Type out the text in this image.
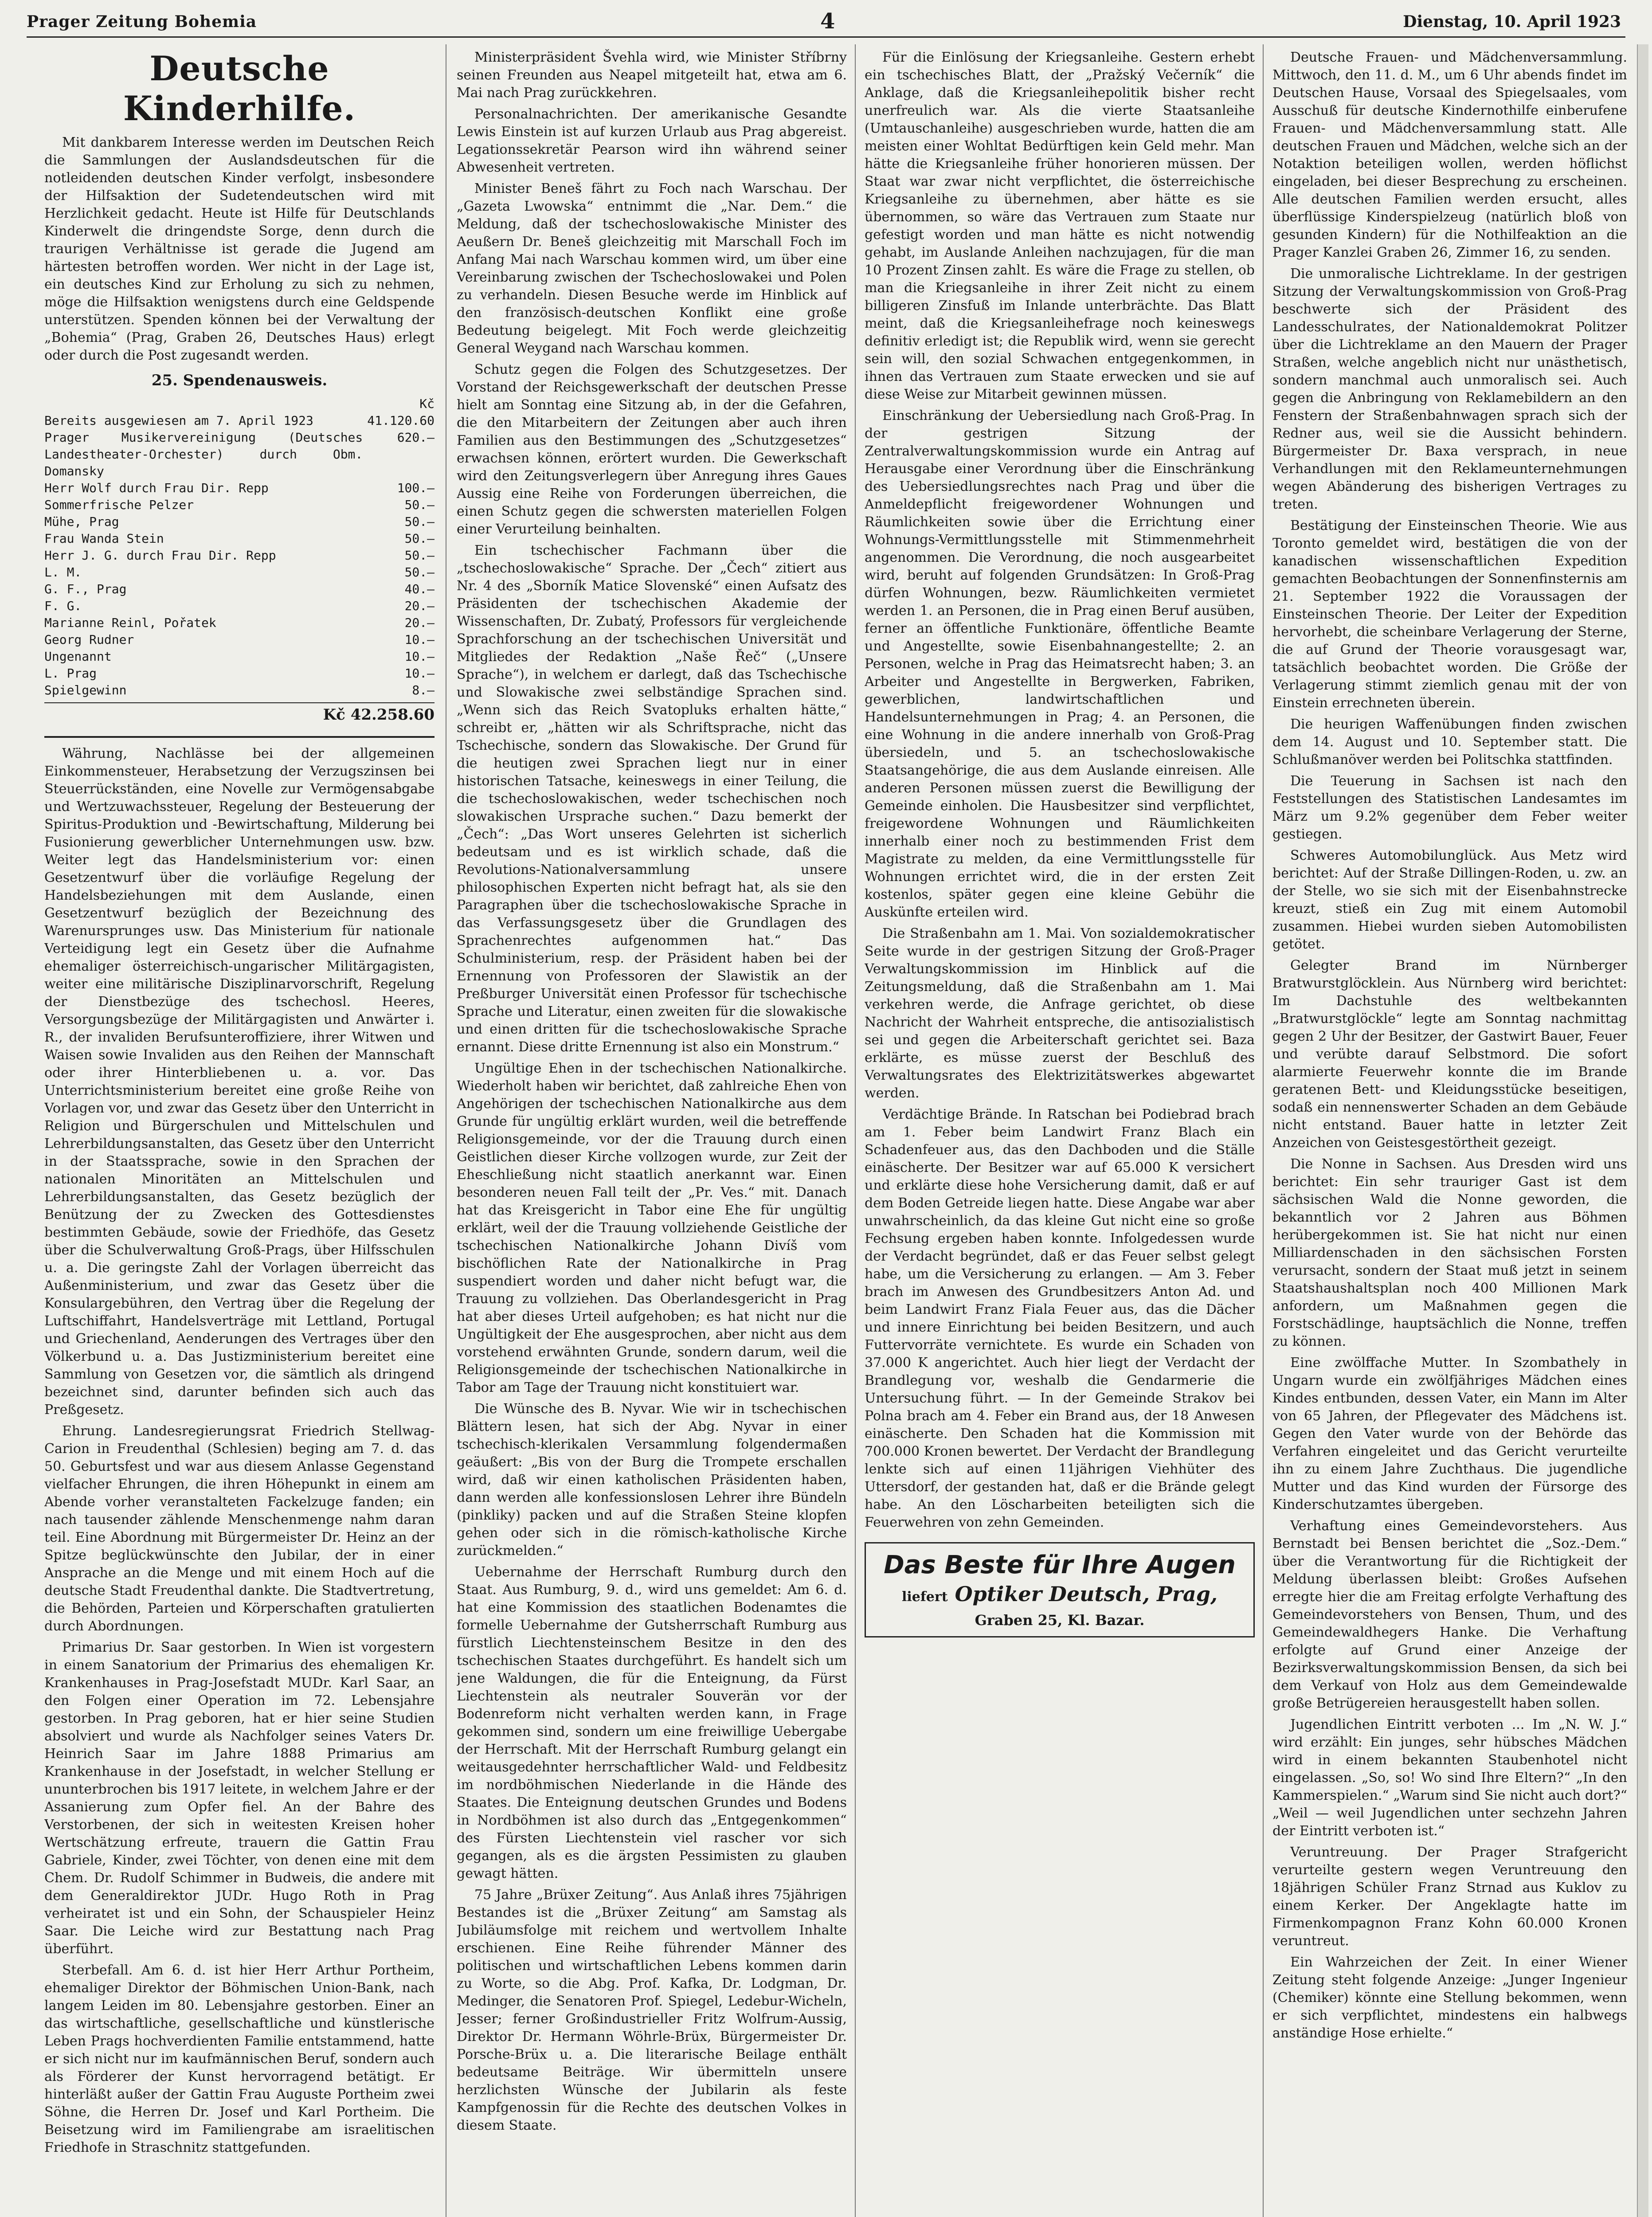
Prager Zeitung Bohemia	4	Dienstag, 10. April 1923
Deutsche Kinderhilfe.

Mit dankbarem Interesse werden im Deutschen Reich die Sammlungen der Auslandsdeutschen für die notleidenden deutschen Kinder verfolgt, insbesondere der Hilfsaktion der Sudetendeutschen wird mit Herzlichkeit gedacht. Heute ist Hilfe für Deutschlands Kinderwelt die dringendste Sorge, denn durch die traurigen Verhältnisse ist gerade die Jugend am härtesten betroffen worden. Wer nicht in der Lage ist, ein deutsches Kind zur Erholung zu sich zu nehmen, möge die Hilfsaktion wenigstens durch eine Geldspende unterstützen. Spenden können bei der Verwaltung der „Bohemia“ (Prag, Graben 26, Deutsches Haus) erlegt oder durch die Post zugesandt werden.

25. Spendenausweis.
	Kč
Bereits ausgewiesen am 7. April 1923	41.120.60
Prager Musikervereinigung (Deutsches Landestheater-Orchester) durch Obm. Domansky	620.—
Herr Wolf durch Frau Dir. Repp	100.—
Sommerfrische Pelzer	50.—
Mühe, Prag	50.—
Frau Wanda Stein	50.—
Herr J. G. durch Frau Dir. Repp	50.—
L. M.	50.—
G. F., Prag	40.—
F. G.	20.—
Marianne Reinl, Pořatek	20.—
Georg Rudner	10.—
Ungenannt	10.—
L. Prag	10.—
Spielgewinn	8.—
Kč 42.258.60

Währung, Nachlässe bei der allgemeinen Einkommensteuer, Herabsetzung der Verzugszinsen bei Steuerrückständen, eine Novelle zur Vermögensabgabe und Wertzuwachssteuer, Regelung der Besteuerung der Spiritus-Produktion und -Bewirtschaftung, Milderung bei Fusionierung gewerblicher Unternehmungen usw. bzw. Weiter legt das Handelsministerium vor: einen Gesetzentwurf über die vorläufige Regelung der Handelsbeziehungen mit dem Auslande, einen Gesetzentwurf bezüglich der Bezeichnung des Warenursprunges usw. Das Ministerium für nationale Verteidigung legt ein Gesetz über die Aufnahme ehemaliger österreichisch-ungarischer Militärgagisten, weiter eine militärische Disziplinarvorschrift, Regelung der Dienstbezüge des tschechosl. Heeres, Versorgungsbezüge der Militärgagisten und Anwärter i. R., der invaliden Berufsunteroffiziere, ihrer Witwen und Waisen sowie Invaliden aus den Reihen der Mannschaft oder ihrer Hinterbliebenen u. a. vor. Das Unterrichtsministerium bereitet eine große Reihe von Vorlagen vor, und zwar das Gesetz über den Unterricht in Religion und Bürgerschulen und Mittelschulen und Lehrerbildungsanstalten, das Gesetz über den Unterricht in der Staatssprache, sowie in den Sprachen der nationalen Minoritäten an Mittelschulen und Lehrerbildungsanstalten, das Gesetz bezüglich der Benützung der zu Zwecken des Gottesdienstes bestimmten Gebäude, sowie der Friedhöfe, das Gesetz über die Schulverwaltung Groß-Prags, über Hilfsschulen u. a. Die geringste Zahl der Vorlagen überreicht das Außenministerium, und zwar das Gesetz über die Konsulargebühren, den Vertrag über die Regelung der Luftschiffahrt, Handelsverträge mit Lettland, Portugal und Griechenland, Aenderungen des Vertrages über den Völkerbund u. a. Das Justizministerium bereitet eine Sammlung von Gesetzen vor, die sämtlich als dringend bezeichnet sind, darunter befinden sich auch das Preßgesetz.

Ehrung. Landesregierungsrat Friedrich Stellwag-Carion in Freudenthal (Schlesien) beging am 7. d. das 50. Geburtsfest und war aus diesem Anlasse Gegenstand vielfacher Ehrungen, die ihren Höhepunkt in einem am Abende vorher veranstalteten Fackelzuge fanden; ein nach tausender zählende Menschenmenge nahm daran teil. Eine Abordnung mit Bürgermeister Dr. Heinz an der Spitze beglückwünschte den Jubilar, der in einer Ansprache an die Menge und mit einem Hoch auf die deutsche Stadt Freudenthal dankte. Die Stadtvertretung, die Behörden, Parteien und Körperschaften gratulierten durch Abordnungen.

Primarius Dr. Saar gestorben. In Wien ist vorgestern in einem Sanatorium der Primarius des ehemaligen Kr. Krankenhauses in Prag-Josefstadt MUDr. Karl Saar, an den Folgen einer Operation im 72. Lebensjahre gestorben. In Prag geboren, hat er hier seine Studien absolviert und wurde als Nachfolger seines Vaters Dr. Heinrich Saar im Jahre 1888 Primarius am Krankenhause in der Josefstadt, in welcher Stellung er ununterbrochen bis 1917 leitete, in welchem Jahre er der Assanierung zum Opfer fiel. An der Bahre des Verstorbenen, der sich in weitesten Kreisen hoher Wertschätzung erfreute, trauern die Gattin Frau Gabriele, Kinder, zwei Töchter, von denen eine mit dem Chem. Dr. Rudolf Schimmer in Budweis, die andere mit dem Generaldirektor JUDr. Hugo Roth in Prag verheiratet ist und ein Sohn, der Schauspieler Heinz Saar. Die Leiche wird zur Bestattung nach Prag überführt.

Sterbefall. Am 6. d. ist hier Herr Arthur Portheim, ehemaliger Direktor der Böhmischen Union-Bank, nach langem Leiden im 80. Lebensjahre gestorben. Einer an das wirtschaftliche, gesellschaftliche und künstlerische Leben Prags hochverdienten Familie entstammend, hatte er sich nicht nur im kaufmännischen Beruf, sondern auch als Förderer der Kunst hervorragend betätigt. Er hinterläßt außer der Gattin Frau Auguste Portheim zwei Söhne, die Herren Dr. Josef und Karl Portheim. Die Beisetzung wird im Familiengrabe am israelitischen Friedhofe in Straschnitz stattgefunden.

Ministerpräsident Švehla wird, wie Minister Stříbrny seinen Freunden aus Neapel mitgeteilt hat, etwa am 6. Mai nach Prag zurückkehren.

Personalnachrichten. Der amerikanische Gesandte Lewis Einstein ist auf kurzen Urlaub aus Prag abgereist. Legationssekretär Pearson wird ihn während seiner Abwesenheit vertreten.

Minister Beneš fährt zu Foch nach Warschau. Der „Gazeta Lwowska“ entnimmt die „Nar. Dem.“ die Meldung, daß der tschechoslowakische Minister des Aeußern Dr. Beneš gleichzeitig mit Marschall Foch im Anfang Mai nach Warschau kommen wird, um über eine Vereinbarung zwischen der Tschechoslowakei und Polen zu verhandeln. Diesen Besuche werde im Hinblick auf den französisch-deutschen Konflikt eine große Bedeutung beigelegt. Mit Foch werde gleichzeitig General Weygand nach Warschau kommen.

Schutz gegen die Folgen des Schutzgesetzes. Der Vorstand der Reichsgewerkschaft der deutschen Presse hielt am Sonntag eine Sitzung ab, in der die Gefahren, die den Mitarbeitern der Zeitungen aber auch ihren Familien aus den Bestimmungen des „Schutzgesetzes“ erwachsen können, erörtert wurden. Die Gewerkschaft wird den Zeitungsverlegern über Anregung ihres Gaues Aussig eine Reihe von Forderungen überreichen, die einen Schutz gegen die schwersten materiellen Folgen einer Verurteilung beinhalten.

Ein tschechischer Fachmann über die „tschechoslowakische“ Sprache. Der „Čech“ zitiert aus Nr. 4 des „Sborník Matice Slovenské“ einen Aufsatz des Präsidenten der tschechischen Akademie der Wissenschaften, Dr. Zubatý, Professors für vergleichende Sprachforschung an der tschechischen Universität und Mitgliedes der Redaktion „Naše Řeč“ („Unsere Sprache“), in welchem er darlegt, daß das Tschechische und Slowakische zwei selbständige Sprachen sind. „Wenn sich das Reich Svatopluks erhalten hätte,“ schreibt er, „hätten wir als Schriftsprache, nicht das Tschechische, sondern das Slowakische. Der Grund für die heutigen zwei Sprachen liegt nur in einer historischen Tatsache, keineswegs in einer Teilung, die die tschechoslowakischen, weder tschechischen noch slowakischen Ursprache suchen.“ Dazu bemerkt der „Čech“: „Das Wort unseres Gelehrten ist sicherlich bedeutsam und es ist wirklich schade, daß die Revolutions-Nationalversammlung unsere philosophischen Experten nicht befragt hat, als sie den Paragraphen über die tschechoslowakische Sprache in das Verfassungsgesetz über die Grundlagen des Sprachenrechtes aufgenommen hat.“ Das Schulministerium, resp. der Präsident haben bei der Ernennung von Professoren der Slawistik an der Preßburger Universität einen Professor für tschechische Sprache und Literatur, einen zweiten für die slowakische und einen dritten für die tschechoslowakische Sprache ernannt. Diese dritte Ernennung ist also ein Monstrum.“

Ungültige Ehen in der tschechischen Nationalkirche. Wiederholt haben wir berichtet, daß zahlreiche Ehen von Angehörigen der tschechischen Nationalkirche aus dem Grunde für ungültig erklärt wurden, weil die betreffende Religionsgemeinde, vor der die Trauung durch einen Geistlichen dieser Kirche vollzogen wurde, zur Zeit der Eheschließung nicht staatlich anerkannt war. Einen besonderen neuen Fall teilt der „Pr. Ves.“ mit. Danach hat das Kreisgericht in Tabor eine Ehe für ungültig erklärt, weil der die Trauung vollziehende Geistliche der tschechischen Nationalkirche Johann Divíš vom bischöflichen Rate der Nationalkirche in Prag suspendiert worden und daher nicht befugt war, die Trauung zu vollziehen. Das Oberlandesgericht in Prag hat aber dieses Urteil aufgehoben; es hat nicht nur die Ungültigkeit der Ehe ausgesprochen, aber nicht aus dem vorstehend erwähnten Grunde, sondern darum, weil die Religionsgemeinde der tschechischen Nationalkirche in Tabor am Tage der Trauung nicht konstituiert war.

Die Wünsche des B. Nyvar. Wie wir in tschechischen Blättern lesen, hat sich der Abg. Nyvar in einer tschechisch-klerikalen Versammlung folgendermaßen geäußert: „Bis von der Burg die Trompete erschallen wird, daß wir einen katholischen Präsidenten haben, dann werden alle konfessionslosen Lehrer ihre Bündeln (pinkliky) packen und auf die Straßen Steine klopfen gehen oder sich in die römisch-katholische Kirche zurückmelden.“

Uebernahme der Herrschaft Rumburg durch den Staat. Aus Rumburg, 9. d., wird uns gemeldet: Am 6. d. hat eine Kommission des staatlichen Bodenamtes die formelle Uebernahme der Gutsherrschaft Rumburg aus fürstlich Liechtensteinschem Besitze in den des tschechischen Staates durchgeführt. Es handelt sich um jene Waldungen, die für die Enteignung, da Fürst Liechtenstein als neutraler Souverän vor der Bodenreform nicht verhalten werden kann, in Frage gekommen sind, sondern um eine freiwillige Uebergabe der Herrschaft. Mit der Herrschaft Rumburg gelangt ein weitausgedehnter herrschaftlicher Wald- und Feldbesitz im nordböhmischen Niederlande in die Hände des Staates. Die Enteignung deutschen Grundes und Bodens in Nordböhmen ist also durch das „Entgegenkommen“ des Fürsten Liechtenstein viel rascher vor sich gegangen, als es die ärgsten Pessimisten zu glauben gewagt hätten.

75 Jahre „Brüxer Zeitung“. Aus Anlaß ihres 75jährigen Bestandes ist die „Brüxer Zeitung“ am Samstag als Jubiläumsfolge mit reichem und wertvollem Inhalte erschienen. Eine Reihe führender Männer des politischen und wirtschaftlichen Lebens kommen darin zu Worte, so die Abg. Prof. Kafka, Dr. Lodgman, Dr. Medinger, die Senatoren Prof. Spiegel, Ledebur-Wicheln, Jesser; ferner Großindustrieller Fritz Wolfrum-Aussig, Direktor Dr. Hermann Wöhrle-Brüx, Bürgermeister Dr. Porsche-Brüx u. a. Die literarische Beilage enthält bedeutsame Beiträge. Wir übermitteln unsere herzlichsten Wünsche der Jubilarin als feste Kampfgenossin für die Rechte des deutschen Volkes in diesem Staate.

Für die Einlösung der Kriegsanleihe. Gestern erhebt ein tschechisches Blatt, der „Pražský Večerník“ die Anklage, daß die Kriegsanleihepolitik bisher recht unerfreulich war. Als die vierte Staatsanleihe (Umtauschanleihe) ausgeschrieben wurde, hatten die am meisten einer Wohltat Bedürftigen kein Geld mehr. Man hätte die Kriegsanleihe früher honorieren müssen. Der Staat war zwar nicht verpflichtet, die österreichische Kriegsanleihe zu übernehmen, aber hätte es sie übernommen, so wäre das Vertrauen zum Staate nur gefestigt worden und man hätte es nicht notwendig gehabt, im Auslande Anleihen nachzujagen, für die man 10 Prozent Zinsen zahlt. Es wäre die Frage zu stellen, ob man die Kriegsanleihe in ihrer Zeit nicht zu einem billigeren Zinsfuß im Inlande unterbrächte. Das Blatt meint, daß die Kriegsanleihefrage noch keineswegs definitiv erledigt ist; die Republik wird, wenn sie gerecht sein will, den sozial Schwachen entgegenkommen, in ihnen das Vertrauen zum Staate erwecken und sie auf diese Weise zur Mitarbeit gewinnen müssen.

Einschränkung der Uebersiedlung nach Groß-Prag. In der gestrigen Sitzung der Zentralverwaltungskommission wurde ein Antrag auf Herausgabe einer Verordnung über die Einschränkung des Uebersiedlungsrechtes nach Prag und über die Anmeldepflicht freigewordener Wohnungen und Räumlichkeiten sowie über die Errichtung einer Wohnungs-Vermittlungsstelle mit Stimmenmehrheit angenommen. Die Verordnung, die noch ausgearbeitet wird, beruht auf folgenden Grundsätzen: In Groß-Prag dürfen Wohnungen, bezw. Räumlichkeiten vermietet werden 1. an Personen, die in Prag einen Beruf ausüben, ferner an öffentliche Funktionäre, öffentliche Beamte und Angestellte, sowie Eisenbahnangestellte; 2. an Personen, welche in Prag das Heimatsrecht haben; 3. an Arbeiter und Angestellte in Bergwerken, Fabriken, gewerblichen, landwirtschaftlichen und Handelsunternehmungen in Prag; 4. an Personen, die eine Wohnung in die andere innerhalb von Groß-Prag übersiedeln, und 5. an tschechoslowakische Staatsangehörige, die aus dem Auslande einreisen. Alle anderen Personen müssen zuerst die Bewilligung der Gemeinde einholen. Die Hausbesitzer sind verpflichtet, freigewordene Wohnungen und Räumlichkeiten innerhalb einer noch zu bestimmenden Frist dem Magistrate zu melden, da eine Vermittlungsstelle für Wohnungen errichtet wird, die in der ersten Zeit kostenlos, später gegen eine kleine Gebühr die Auskünfte erteilen wird.

Die Straßenbahn am 1. Mai. Von sozialdemokratischer Seite wurde in der gestrigen Sitzung der Groß-Prager Verwaltungskommission im Hinblick auf die Zeitungsmeldung, daß die Straßenbahn am 1. Mai verkehren werde, die Anfrage gerichtet, ob diese Nachricht der Wahrheit entspreche, die antisozialistisch sei und gegen die Arbeiterschaft gerichtet sei. Baza erklärte, es müsse zuerst der Beschluß des Verwaltungsrates des Elektrizitätswerkes abgewartet werden.

Verdächtige Brände. In Ratschan bei Podiebrad brach am 1. Feber beim Landwirt Franz Blach ein Schadenfeuer aus, das den Dachboden und die Ställe einäscherte. Der Besitzer war auf 65.000 K versichert und erklärte diese hohe Versicherung damit, daß er auf dem Boden Getreide liegen hatte. Diese Angabe war aber unwahrscheinlich, da das kleine Gut nicht eine so große Fechsung ergeben haben konnte. Infolgedessen wurde der Verdacht begründet, daß er das Feuer selbst gelegt habe, um die Versicherung zu erlangen. — Am 3. Feber brach im Anwesen des Grundbesitzers Anton Ad. und beim Landwirt Franz Fiala Feuer aus, das die Dächer und innere Einrichtung bei beiden Besitzern, und auch Futtervorräte vernichtete. Es wurde ein Schaden von 37.000 K angerichtet. Auch hier liegt der Verdacht der Brandlegung vor, weshalb die Gendarmerie die Untersuchung führt. — In der Gemeinde Strakov bei Polna brach am 4. Feber ein Brand aus, der 18 Anwesen einäscherte. Den Schaden hat die Kommission mit 700.000 Kronen bewertet. Der Verdacht der Brandlegung lenkte sich auf einen 11jährigen Viehhüter des Uttersdorf, der gestanden hat, daß er die Brände gelegt habe. An den Löscharbeiten beteiligten sich die Feuerwehren von zehn Gemeinden.

Das Beste für Ihre Augen
liefert Optiker Deutsch, Prag,
Graben 25, Kl. Bazar.

Deutsche Frauen- und Mädchenversammlung. Mittwoch, den 11. d. M., um 6 Uhr abends findet im Deutschen Hause, Vorsaal des Spiegelsaales, vom Ausschuß für deutsche Kindernothilfe einberufene Frauen- und Mädchenversammlung statt. Alle deutschen Frauen und Mädchen, welche sich an der Notaktion beteiligen wollen, werden höflichst eingeladen, bei dieser Besprechung zu erscheinen. Alle deutschen Familien werden ersucht, alles überflüssige Kinderspielzeug (natürlich bloß von gesunden Kindern) für die Nothilfeaktion an die Prager Kanzlei Graben 26, Zimmer 16, zu senden.

Die unmoralische Lichtreklame. In der gestrigen Sitzung der Verwaltungskommission von Groß-Prag beschwerte sich der Präsident des Landesschulrates, der Nationaldemokrat Politzer über die Lichtreklame an den Mauern der Prager Straßen, welche angeblich nicht nur unästhetisch, sondern manchmal auch unmoralisch sei. Auch gegen die Anbringung von Reklamebildern an den Fenstern der Straßenbahnwagen sprach sich der Redner aus, weil sie die Aussicht behindern. Bürgermeister Dr. Baxa versprach, in neue Verhandlungen mit den Reklameunternehmungen wegen Abänderung des bisherigen Vertrages zu treten.

Bestätigung der Einsteinschen Theorie. Wie aus Toronto gemeldet wird, bestätigen die von der kanadischen wissenschaftlichen Expedition gemachten Beobachtungen der Sonnenfinsternis am 21. September 1922 die Voraussagen der Einsteinschen Theorie. Der Leiter der Expedition hervorhebt, die scheinbare Verlagerung der Sterne, die auf Grund der Theorie vorausgesagt war, tatsächlich beobachtet worden. Die Größe der Verlagerung stimmt ziemlich genau mit der von Einstein errechneten überein.

Die heurigen Waffenübungen finden zwischen dem 14. August und 10. September statt. Die Schlußmanöver werden bei Politschka stattfinden.

Die Teuerung in Sachsen ist nach den Feststellungen des Statistischen Landesamtes im März um 9.2% gegenüber dem Feber weiter gestiegen.

Schweres Automobilunglück. Aus Metz wird berichtet: Auf der Straße Dillingen-Roden, u. zw. an der Stelle, wo sie sich mit der Eisenbahnstrecke kreuzt, stieß ein Zug mit einem Automobil zusammen. Hiebei wurden sieben Automobilisten getötet.

Gelegter Brand im Nürnberger Bratwurstglöcklein. Aus Nürnberg wird berichtet: Im Dachstuhle des weltbekannten „Bratwurstglöckle“ legte am Sonntag nachmittag gegen 2 Uhr der Besitzer, der Gastwirt Bauer, Feuer und verübte darauf Selbstmord. Die sofort alarmierte Feuerwehr konnte die im Brande geratenen Bett- und Kleidungsstücke beseitigen, sodaß ein nennenswerter Schaden an dem Gebäude nicht entstand. Bauer hatte in letzter Zeit Anzeichen von Geistesgestörtheit gezeigt.

Die Nonne in Sachsen. Aus Dresden wird uns berichtet: Ein sehr trauriger Gast ist dem sächsischen Wald die Nonne geworden, die bekanntlich vor 2 Jahren aus Böhmen herübergekommen ist. Sie hat nicht nur einen Milliardenschaden in den sächsischen Forsten verursacht, sondern der Staat muß jetzt in seinem Staatshaushaltsplan noch 400 Millionen Mark anfordern, um Maßnahmen gegen die Forstschädlinge, hauptsächlich die Nonne, treffen zu können.

Eine zwölffache Mutter. In Szombathely in Ungarn wurde ein zwölfjähriges Mädchen eines Kindes entbunden, dessen Vater, ein Mann im Alter von 65 Jahren, der Pflegevater des Mädchens ist. Gegen den Vater wurde von der Behörde das Verfahren eingeleitet und das Gericht verurteilte ihn zu einem Jahre Zuchthaus. Die jugendliche Mutter und das Kind wurden der Fürsorge des Kinderschutzamtes übergeben.

Verhaftung eines Gemeindevorstehers. Aus Bernstadt bei Bensen berichtet die „Soz.-Dem.“ über die Verantwortung für die Richtigkeit der Meldung überlassen bleibt: Großes Aufsehen erregte hier die am Freitag erfolgte Verhaftung des Gemeindevorstehers von Bensen, Thum, und des Gemeindewaldhegers Hanke. Die Verhaftung erfolgte auf Grund einer Anzeige der Bezirksverwaltungskommission Bensen, da sich bei dem Verkauf von Holz aus dem Gemeindewalde große Betrügereien herausgestellt haben sollen.

Jugendlichen Eintritt verboten ... Im „N. W. J.“ wird erzählt: Ein junges, sehr hübsches Mädchen wird in einem bekannten Staubenhotel nicht eingelassen. „So, so! Wo sind Ihre Eltern?“ „In den Kammerspielen.“ „Warum sind Sie nicht auch dort?“ „Weil — weil Jugendlichen unter sechzehn Jahren der Eintritt verboten ist.“

Veruntreuung. Der Prager Strafgericht verurteilte gestern wegen Veruntreuung den 18jährigen Schüler Franz Strnad aus Kuklov zu einem Kerker. Der Angeklagte hatte im Firmenkompagnon Franz Kohn 60.000 Kronen veruntreut.

Ein Wahrzeichen der Zeit. In einer Wiener Zeitung steht folgende Anzeige: „Junger Ingenieur (Chemiker) könnte eine Stellung bekommen, wenn er sich verpflichtet, mindestens ein halbwegs anständige Hose erhielte.“
